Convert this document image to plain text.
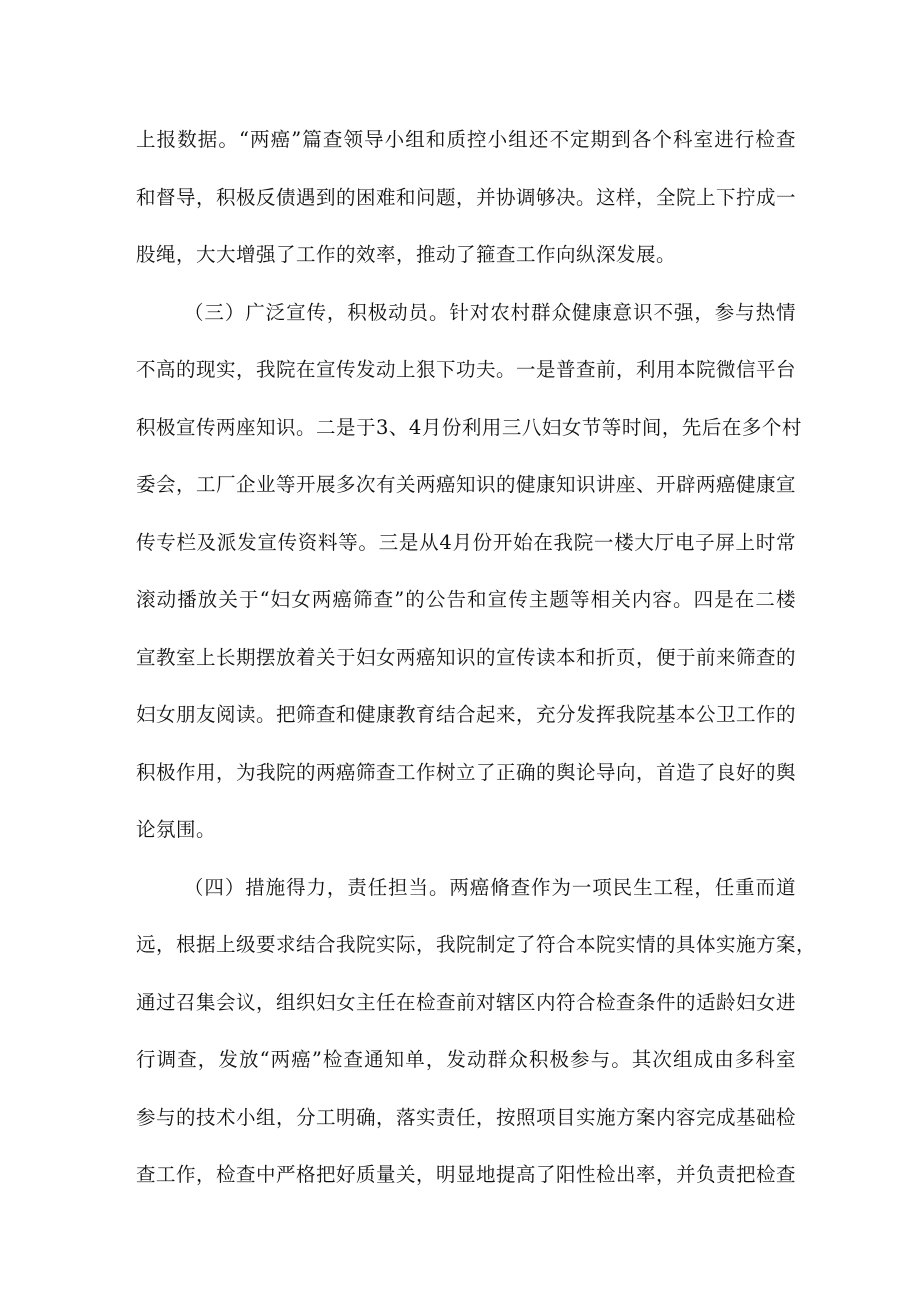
上报数据。“两癌”篇查领导小组和质控小组还不定期到各个科室进行检查
和督导，积极反债遇到的困难和问题，并协调够决。这样，全院上下拧成一
股绳，大大增强了工作的效率，推动了箍查工作向纵深发展。
（三）广泛宣传，积极动员。针对农村群众健康意识不强，参与热情
不高的现实，我院在宣传发动上狠下功夫。一是普查前，利用本院微信平台
积极宣传两座知识。二是于3、4月份利用三八妇女节等时间，先后在多个村
委会，工厂企业等开展多次有关两癌知识的健康知识讲座、开辟两癌健康宣
传专栏及派发宣传资料等。三是从4月份开始在我院一楼大厅电子屏上时常
滚动播放关于“妇女两癌筛查”的公告和宣传主题等相关内容。四是在二楼
宣教室上长期摆放着关于妇女两癌知识的宣传读本和折页，便于前来筛查的
妇女朋友阅读。把筛查和健康教育结合起来，充分发挥我院基本公卫工作的
积极作用，为我院的两癌筛查工作树立了正确的舆论导向，首造了良好的舆
论氛围。
（四）措施得力，责任担当。两癌脩查作为一项民生工程，任重而道
远，根据上级要求结合我院实际，我院制定了符合本院实情的具体实施方案，
通过召集会议，组织妇女主任在检查前对辖区内符合检查条件的适龄妇女进
行调查，发放“两癌”检查通知单，发动群众积极参与。其次组成由多科室
参与的技术小组，分工明确，落实责任，按照项目实施方案内容完成基础检
查工作，检查中严格把好质量关，明显地提高了阳性检出率，并负责把检查
